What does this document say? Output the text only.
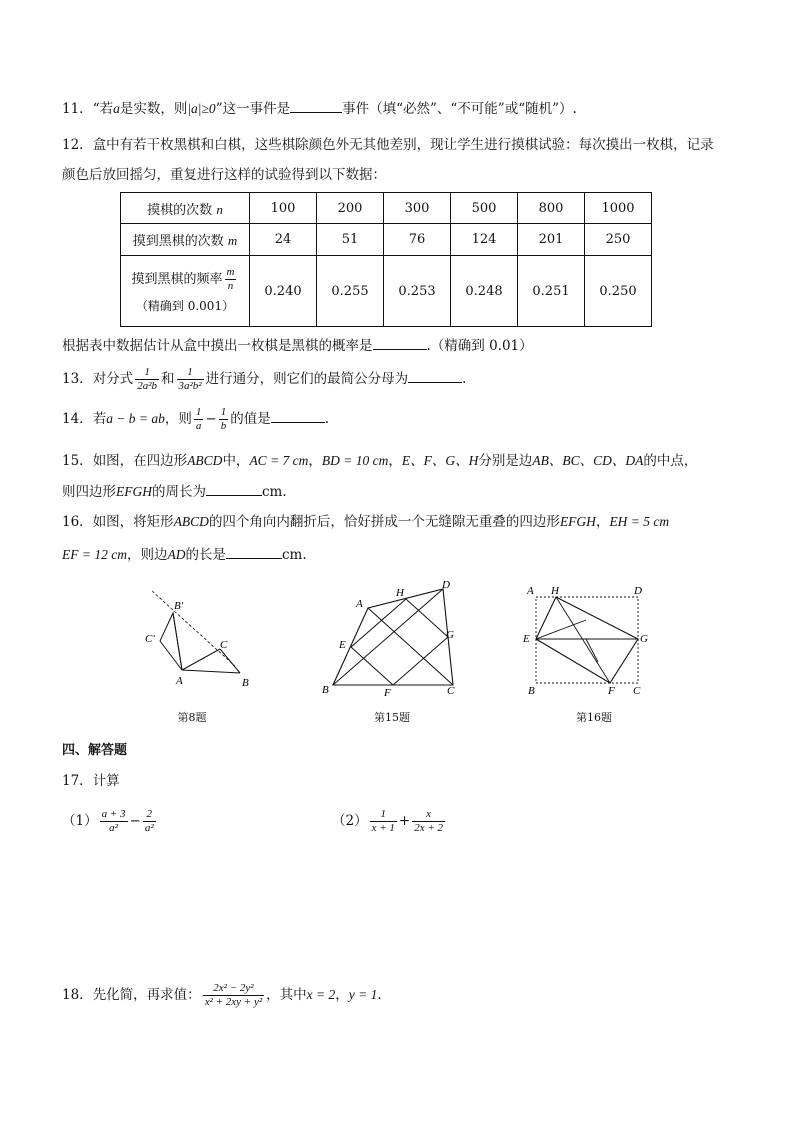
11．“若a是实数，则|a|≥0”这一事件是	事件（填“必然”、“不可能”或“随机”）.
12．盒中有若干枚黑棋和白棋，这些棋除颜色外无其他差别，现让学生进行摸棋试验：每次摸出一枚棋，记录
颜色后放回摇匀，重复进行这样的试验得到以下数据：
摸棋的次数 n	100	200	300	500	800	1000
摸到黑棋的次数 m	24	51	76	124	201	250

摸到黑棋的频率 $\frac{m}{n}$
（精确到 0.001）	0.240	0.255	0.253	0.248	0.251	0.250
根据表中数据估计从盒中摸出一枚棋是黑棋的概率是	.（精确到 0.01）
13．对分式 $\frac{1}{\text{2a²b}}$ 和 $\frac{1}{\text{3a²b²}}$ 进行通分，则它们的最简公分母为	.
14．若a − b = ab，则 $\frac{1}{a} - \frac{1}{b}$ 的值是	.
15．如图，在四边形ABCD中，AC = 7 cm，BD = 10 cm，E、F、G、H分别是边AB、BC、CD、DA的中点，
则四边形EFGH的周长为	cm.
16．如图，将矩形ABCD的四个角向内翻折后，恰好拼成一个无缝隙无重叠的四边形EFGH，EH = 5 cm
EF = 12 cm，则边AD的长是	cm.
B′
C′	C
A	B
第8题
A
H
D
E
G
B	F	C
第15题
A H	D
E	G
B	F C
第16题
四、解答题
17．计算
$(1) \frac{a + 3}{\text{a²}} - \frac{2}{\text{a²}}$	$(2) \frac{1}{x + 1} + \frac{x}{2x + 2}$
18．先化简，再求值： $\frac{\text{2x² − 2y²}}{\text{x² + 2xy + y²}}$ ，其中x = 2，y = 1.
